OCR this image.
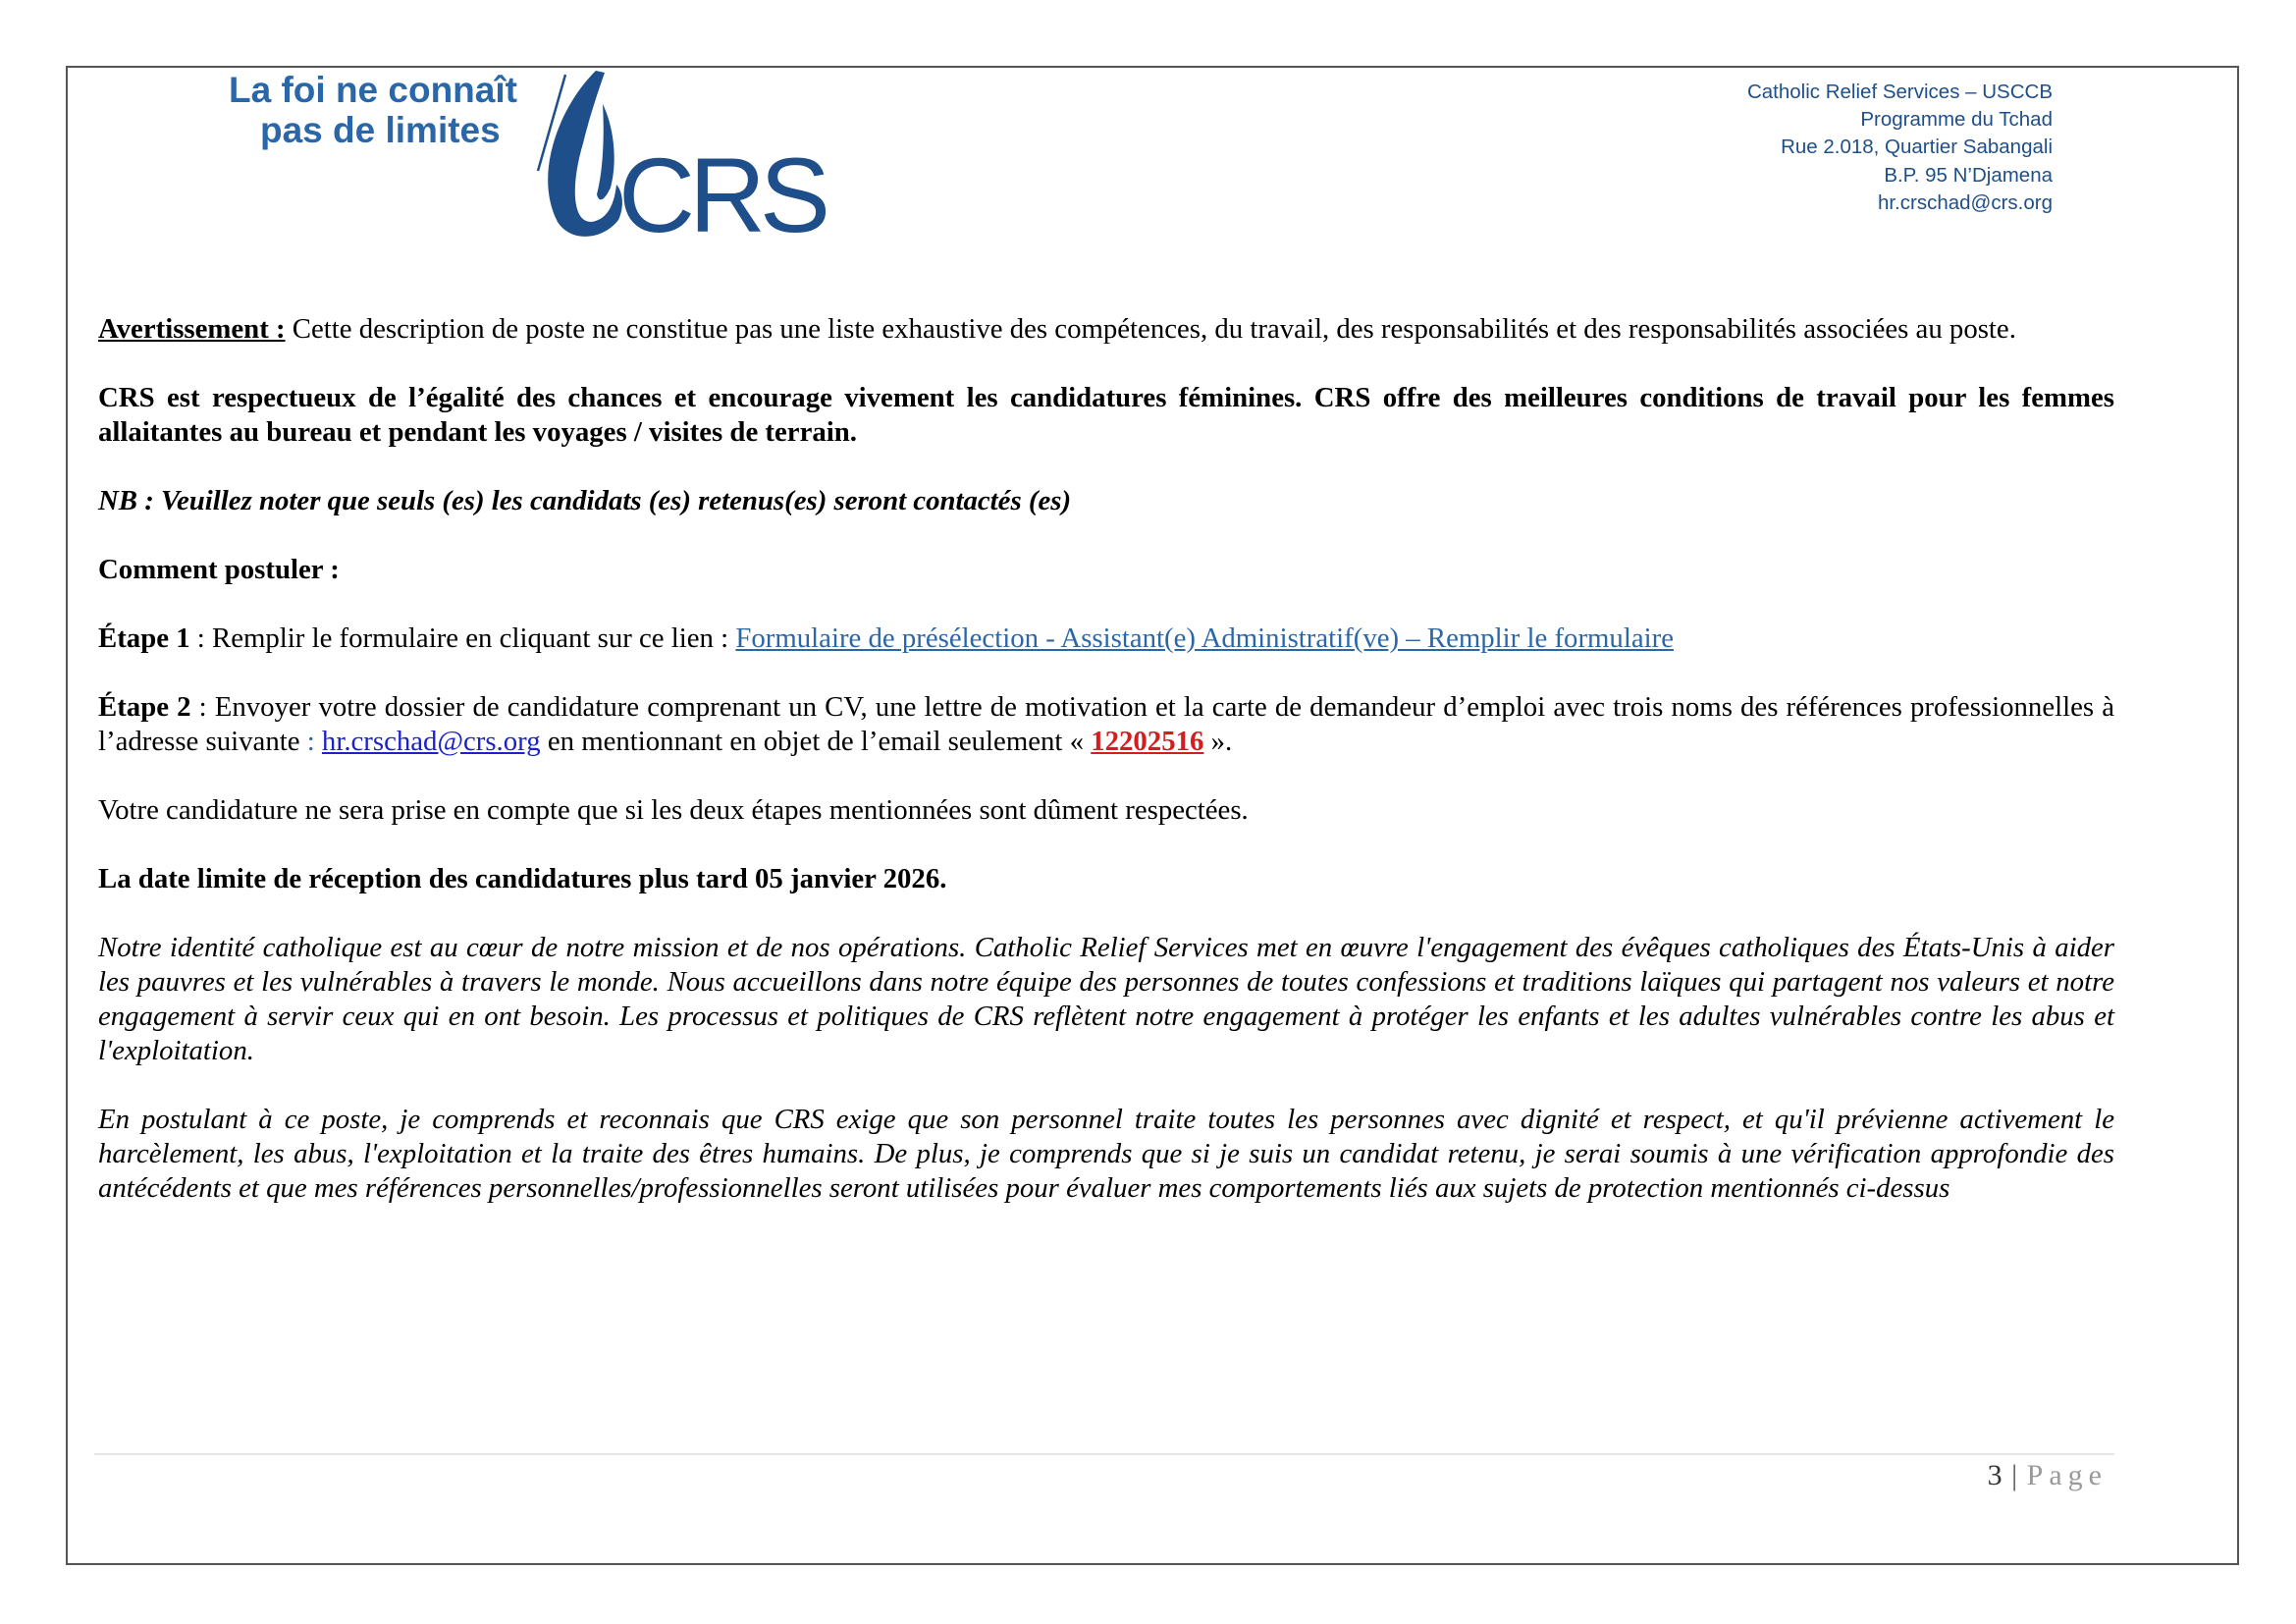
La foi ne connaît
pas de limites
CRS
Catholic Relief Services – USCCB
Programme du Tchad
Rue 2.018, Quartier Sabangali
B.P. 95 N’Djamena
hr.crschad@crs.org

Avertissement : Cette description de poste ne constitue pas une liste exhaustive des compétences, du travail, des responsabilités et des responsabilités associées au poste.

CRS est respectueux de l’égalité des chances et encourage vivement les candidatures féminines. CRS offre des meilleures conditions de travail pour les femmes allaitantes au bureau et pendant les voyages / visites de terrain.

NB : Veuillez noter que seuls (es) les candidats (es) retenus(es) seront contactés (es)

Comment postuler :

Étape 1 : Remplir le formulaire en cliquant sur ce lien : Formulaire de présélection - Assistant(e) Administratif(ve) – Remplir le formulaire

Étape 2 : Envoyer votre dossier de candidature comprenant un CV, une lettre de motivation et la carte de demandeur d’emploi avec trois noms des références professionnelles à l’adresse suivante : hr.crschad@crs.org en mentionnant en objet de l’email seulement « 12202516 ».

Votre candidature ne sera prise en compte que si les deux étapes mentionnées sont dûment respectées.

La date limite de réception des candidatures plus tard 05 janvier 2026.

Notre identité catholique est au cœur de notre mission et de nos opérations. Catholic Relief Services met en œuvre l'engagement des évêques catholiques des États-Unis à aider les pauvres et les vulnérables à travers le monde. Nous accueillons dans notre équipe des personnes de toutes confessions et traditions laïques qui partagent nos valeurs et notre engagement à servir ceux qui en ont besoin. Les processus et politiques de CRS reflètent notre engagement à protéger les enfants et les adultes vulnérables contre les abus et l'exploitation.

En postulant à ce poste, je comprends et reconnais que CRS exige que son personnel traite toutes les personnes avec dignité et respect, et qu'il prévienne activement le harcèlement, les abus, l'exploitation et la traite des êtres humains. De plus, je comprends que si je suis un candidat retenu, je serai soumis à une vérification approfondie des antécédents et que mes références personnelles/professionnelles seront utilisées pour évaluer mes comportements liés aux sujets de protection mentionnés ci-dessus

3 | Page
